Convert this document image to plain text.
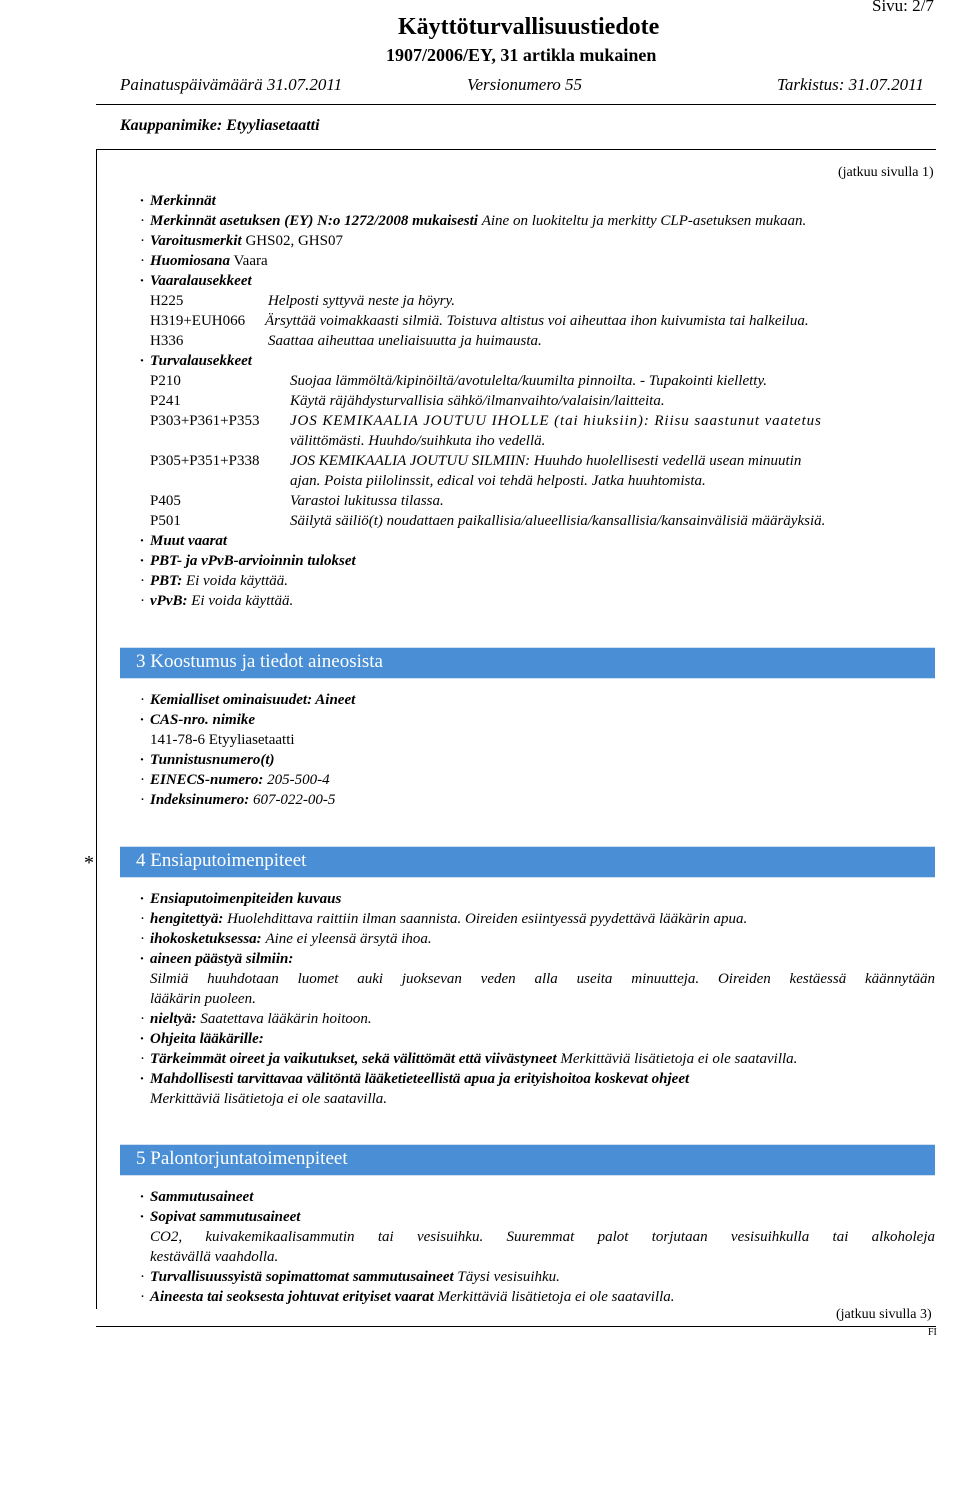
Käyttöturvallisuustiedote
1907/2006/EY, 31 artikla mukainen
Sivu: 2/7
Painatuspäivämäärä 31.07.2011	Versionumero 55	Tarkistus: 31.07.2011
Kauppanimike: Etyyliasetaatti
(jatkuu sivulla 1)
· Merkinnät
· Merkinnät asetuksen (EY) N:o 1272/2008 mukaisesti Aine on luokiteltu ja merkitty CLP-asetuksen mukaan.
· Varoitusmerkit GHS02, GHS07
· Huomiosana Vaara
· Vaaralausekkeet
H225	Helposti syttyvä neste ja höyry.
H319+EUH066 Ärsyttää voimakkaasti silmiä. Toistuva altistus voi aiheuttaa ihon kuivumista tai halkeilua.
H336	Saattaa aiheuttaa uneliaisuutta ja huimausta.
· Turvalausekkeet
P210	Suojaa lämmöltä/kipinöiltä/avotulelta/kuumilta pinnoilta. - Tupakointi kielletty.
P241	Käytä räjähdysturvallisia sähkö/ilmanvaihto/valaisin/laitteita.
P303+P361+P353 JOS KEMIKAALIA JOUTUU IHOLLE (tai hiuksiin): Riisu saastunut vaatetus
välittömästi. Huuhdo/suihkuta iho vedellä.
P305+P351+P338 JOS KEMIKAALIA JOUTUU SILMIIN: Huuhdo huolellisesti vedellä usean minuutin
ajan. Poista piilolinssit, edical voi tehdä helposti. Jatka huuhtomista.
P405	Varastoi lukitussa tilassa.
P501	Säilytä säiliö(t) noudattaen paikallisia/alueellisia/kansallisia/kansainvälisiä määräyksiä.
· Muut vaarat
· PBT- ja vPvB-arvioinnin tulokset
· PBT: Ei voida käyttää.
· vPvB: Ei voida käyttää.
3 Koostumus ja tiedot aineosista
· Kemialliset ominaisuudet: Aineet
· CAS-nro. nimike
141-78-6 Etyyliasetaatti
· Tunnistusnumero(t)
· EINECS-numero: 205-500-4
· Indeksinumero: 607-022-00-5
* 4 Ensiaputoimenpiteet
· Ensiaputoimenpiteiden kuvaus
· hengitettyä: Huolehdittava raittiin ilman saannista. Oireiden esiintyessä pyydettävä lääkärin apua.
· ihokosketuksessa: Aine ei yleensä ärsytä ihoa.
· aineen päästyä silmiin:
Silmiä huuhdotaan luomet auki juoksevan veden alla useita minuutteja. Oireiden kestäessä käännytään
lääkärin puoleen.
· nieltyä: Saatettava lääkärin hoitoon.
· Ohjeita lääkärille:
· Tärkeimmät oireet ja vaikutukset, sekä välittömät että viivästyneet Merkittäviä lisätietoja ei ole saatavilla.
· Mahdollisesti tarvittavaa välitöntä lääketieteellistä apua ja erityishoitoa koskevat ohjeet
Merkittäviä lisätietoja ei ole saatavilla.
5 Palontorjuntatoimenpiteet
· Sammutusaineet
· Sopivat sammutusaineet
CO2, kuivakemikaalisammutin tai vesisuihku. Suuremmat palot torjutaan vesisuihkulla tai alkoholeja
kestävällä vaahdolla.
· Turvallisuussyistä sopimattomat sammutusaineet Täysi vesisuihku.
· Aineesta tai seoksesta johtuvat erityiset vaarat Merkittäviä lisätietoja ei ole saatavilla.
(jatkuu sivulla 3)
FI
